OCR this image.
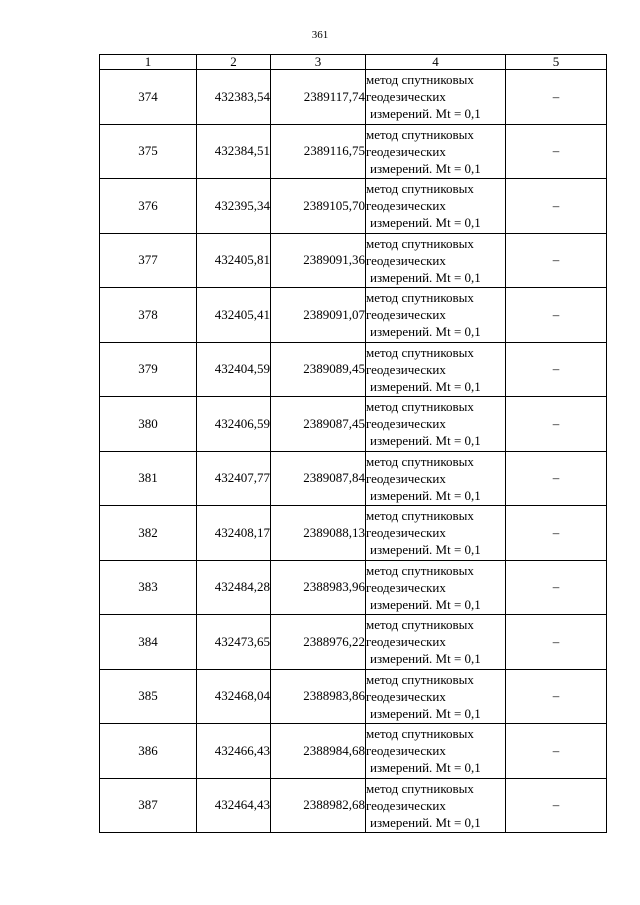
361
1	2	3	4	5
374	432383,54	2389117,74	метод спутниковых
геодезических
измерений. Mt = 0,1	–
375	432384,51	2389116,75	метод спутниковых
геодезических
измерений. Mt = 0,1	–
376	432395,34	2389105,70	метод спутниковых
геодезических
измерений. Mt = 0,1	–
377	432405,81	2389091,36	метод спутниковых
геодезических
измерений. Mt = 0,1	–
378	432405,41	2389091,07	метод спутниковых
геодезических
измерений. Mt = 0,1	–
379	432404,59	2389089,45	метод спутниковых
геодезических
измерений. Mt = 0,1	–
380	432406,59	2389087,45	метод спутниковых
геодезических
измерений. Mt = 0,1	–
381	432407,77	2389087,84	метод спутниковых
геодезических
измерений. Mt = 0,1	–
382	432408,17	2389088,13	метод спутниковых
геодезических
измерений. Mt = 0,1	–
383	432484,28	2388983,96	метод спутниковых
геодезических
измерений. Mt = 0,1	–
384	432473,65	2388976,22	метод спутниковых
геодезических
измерений. Mt = 0,1	–
385	432468,04	2388983,86	метод спутниковых
геодезических
измерений. Mt = 0,1	–
386	432466,43	2388984,68	метод спутниковых
геодезических
измерений. Mt = 0,1	–
387	432464,43	2388982,68	метод спутниковых
геодезических
измерений. Mt = 0,1	–
